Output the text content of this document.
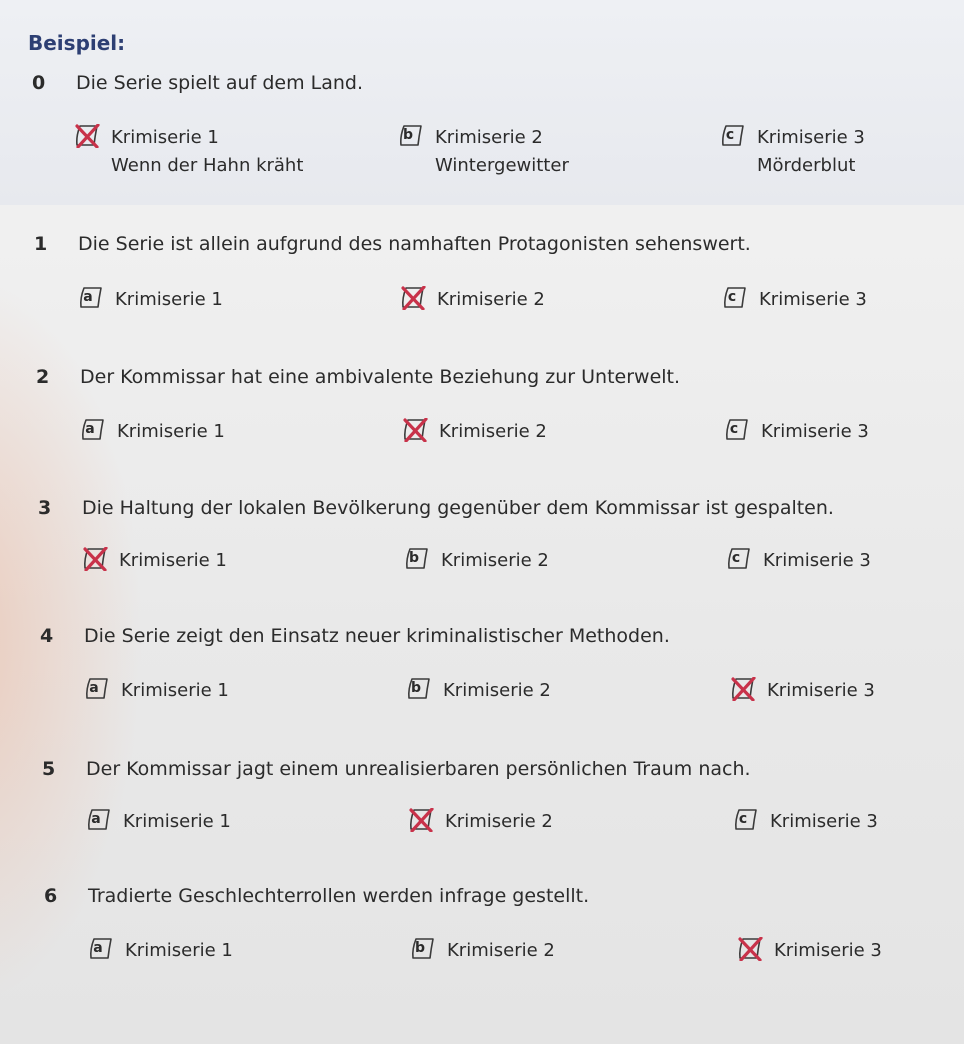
Beispiel:
0	Die Serie spielt auf dem Land.
Krimiserie 1
Wenn der Hahn kräht
b Krimiserie 2
Wintergewitter
c	Krimiserie 3
Mörderblut
1	Die Serie ist allein aufgrund des namhaften Protagonisten sehenswert.
a Krimiserie 1	Krimiserie 2	c	Krimiserie 3
2	Der Kommissar hat eine ambivalente Beziehung zur Unterwelt.
a Krimiserie 1	Krimiserie 2	c	Krimiserie 3
3	Die Haltung der lokalen Bevölkerung gegenüber dem Kommissar ist gespalten.
Krimiserie 1	b Krimiserie 2	c	Krimiserie 3
4	Die Serie zeigt den Einsatz neuer kriminalistischer Methoden.
a Krimiserie 1	b Krimiserie 2	Krimiserie 3
5	Der Kommissar jagt einem unrealisierbaren persönlichen Traum nach.
a Krimiserie 1	Krimiserie 2	c	Krimiserie 3
6	Tradierte Geschlechterrollen werden infrage gestellt.
a Krimiserie 1	b Krimiserie 2	Krimiserie 3
